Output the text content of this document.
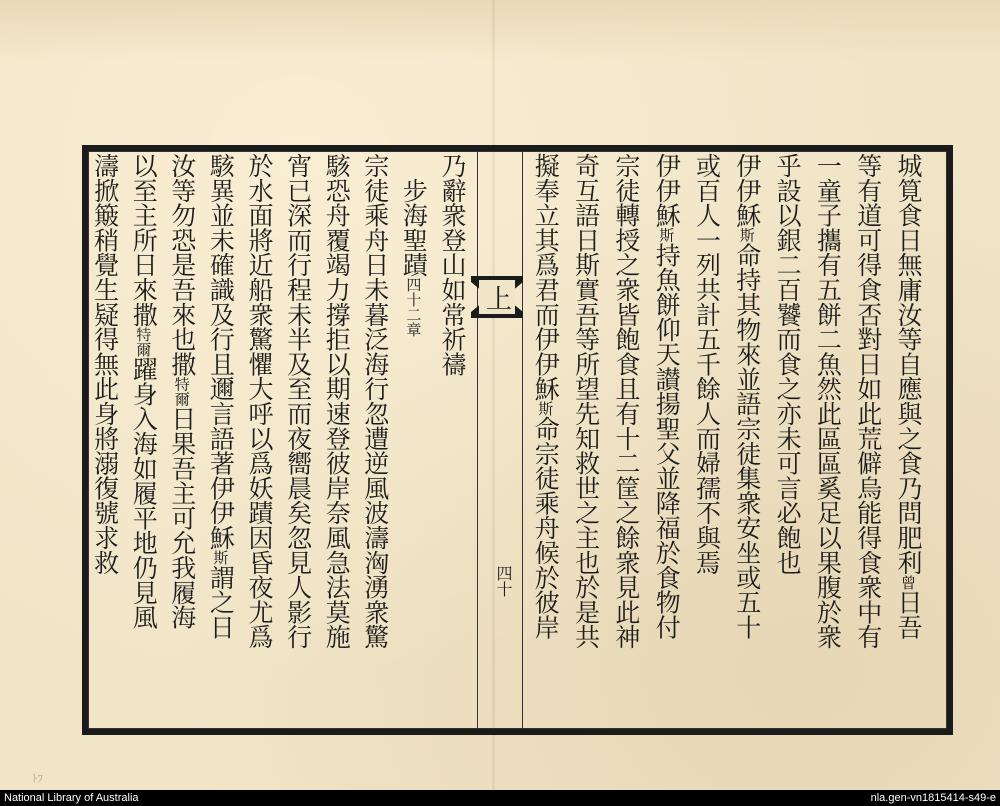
上
四十
城筧食日無庸汝等自應與之食乃問肥利曾日吾
等有道可得食否對日如此荒僻烏能得食衆中有
一童子攜有五餅二魚然此區區奚足以果腹於衆
乎設以銀二百饕而食之亦未可言必飽也
伊伊穌斯命持其物來並語宗徒集衆安坐或五十
或百人一列共計五千餘人而婦孺不與焉
伊伊穌斯持魚餅仰天讃揚聖父並降福於食物付
宗徒轉授之衆皆飽食且有十二筐之餘衆見此神
奇互語日斯實吾等所望先知救世之主也於是共
擬奉立其爲君而伊伊穌斯命宗徒乘舟候於彼岸
乃辭衆登山如常祈禱
　步海聖蹟四十二章
宗徒乘舟日未暮泛海行忽遭逆風波濤洶湧衆驚
駭恐舟覆竭力撐拒以期速登彼岸奈風急法莫施
宵已深而行程未半及至而夜嚮晨矣忽見人影行
於水面將近船衆驚懼大呼以爲妖蹟因昏夜尤爲
駭異並未確識及行且邇言語著伊伊穌斯謂之日
汝等勿恐是吾來也撒特爾日果吾主可允我履海
以至主所日來撒特爾躍身入海如履平地仍見風
濤掀簸稍覺生疑得無此身將溺復號求救
ﾄﾌ
National Library of Australia	nla.gen-vn1815414-s49-e
